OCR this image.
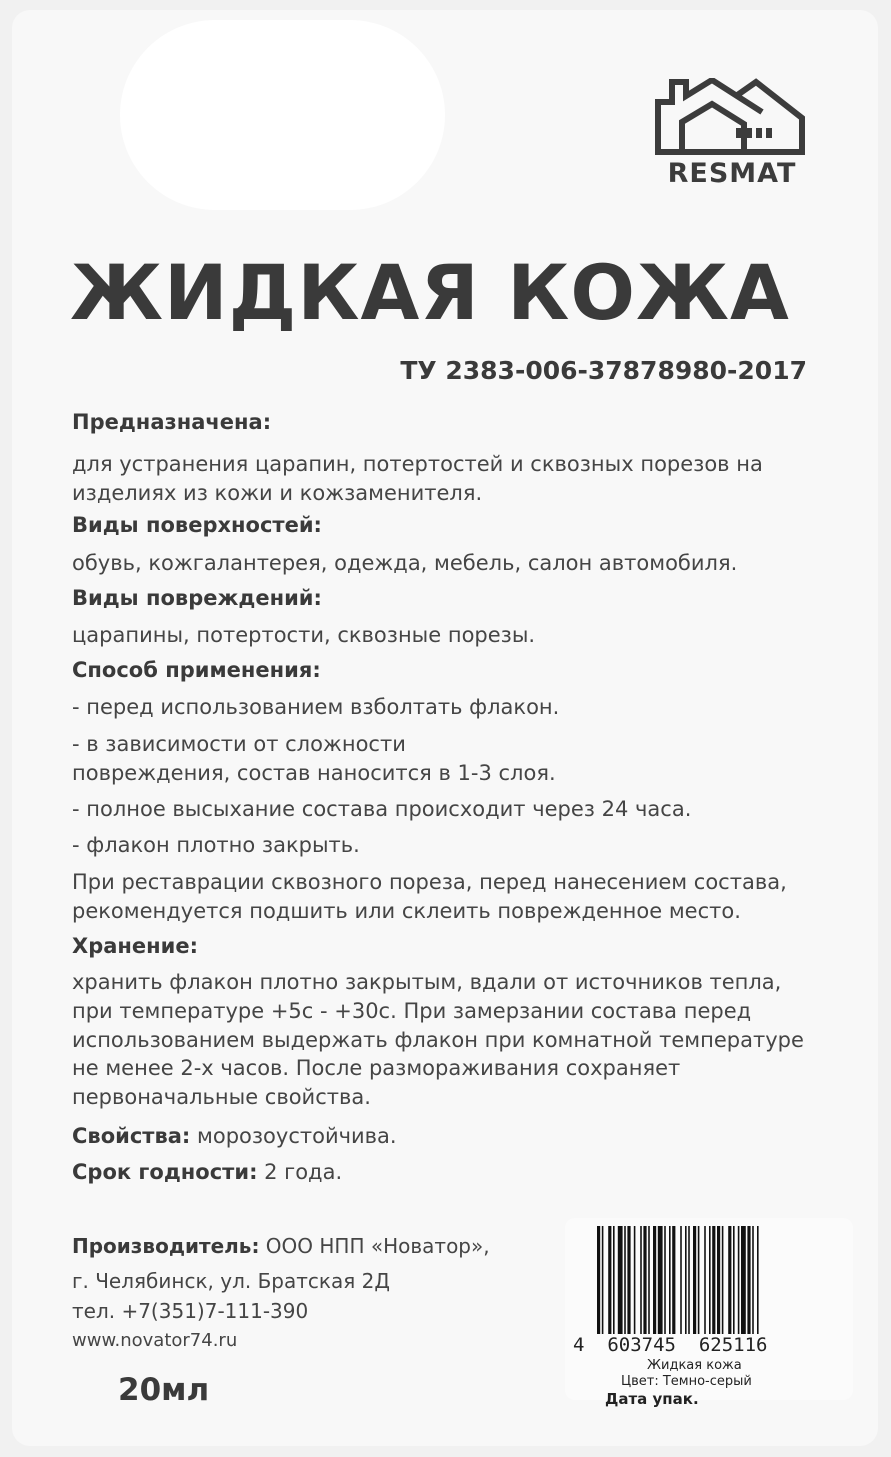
RESMAT
ЖИДКАЯ КОЖА
ТУ 2383-006-37878980-2017
Предназначена:
для устранения царапин, потертостей и сквозных порезов на
изделиях из кожи и кожзаменителя.
Виды поверхностей:
обувь, кожгалантерея, одежда, мебель, салон автомобиля.
Виды повреждений:
царапины, потертости, сквозные порезы.
Способ применения:
- перед использованием взболтать флакон.
- в зависимости от сложности
повреждения, состав наносится в 1-3 слоя.
- полное высыхание состава происходит через 24 часа.
- флакон плотно закрыть.
При реставрации сквозного пореза, перед нанесением состава,
рекомендуется подшить или склеить поврежденное место.
Хранение:
хранить флакон плотно закрытым, вдали от источников тепла,
при температуре +5с - +30с. При замерзании состава перед
использованием выдержать флакон при комнатной температуре
не менее 2-х часов. После размораживания сохраняет
первоначальные свойства.
Свойства: морозоустойчива.
Срок годности: 2 года.
Производитель: ООО НПП «Новатор»,
г. Челябинск, ул. Братская 2Д
тел. +7(351)7-111-390
www.novator74.ru
20мл
4  603745  625116
Жидкая кожа
Цвет: Темно-серый
Дата упак.
